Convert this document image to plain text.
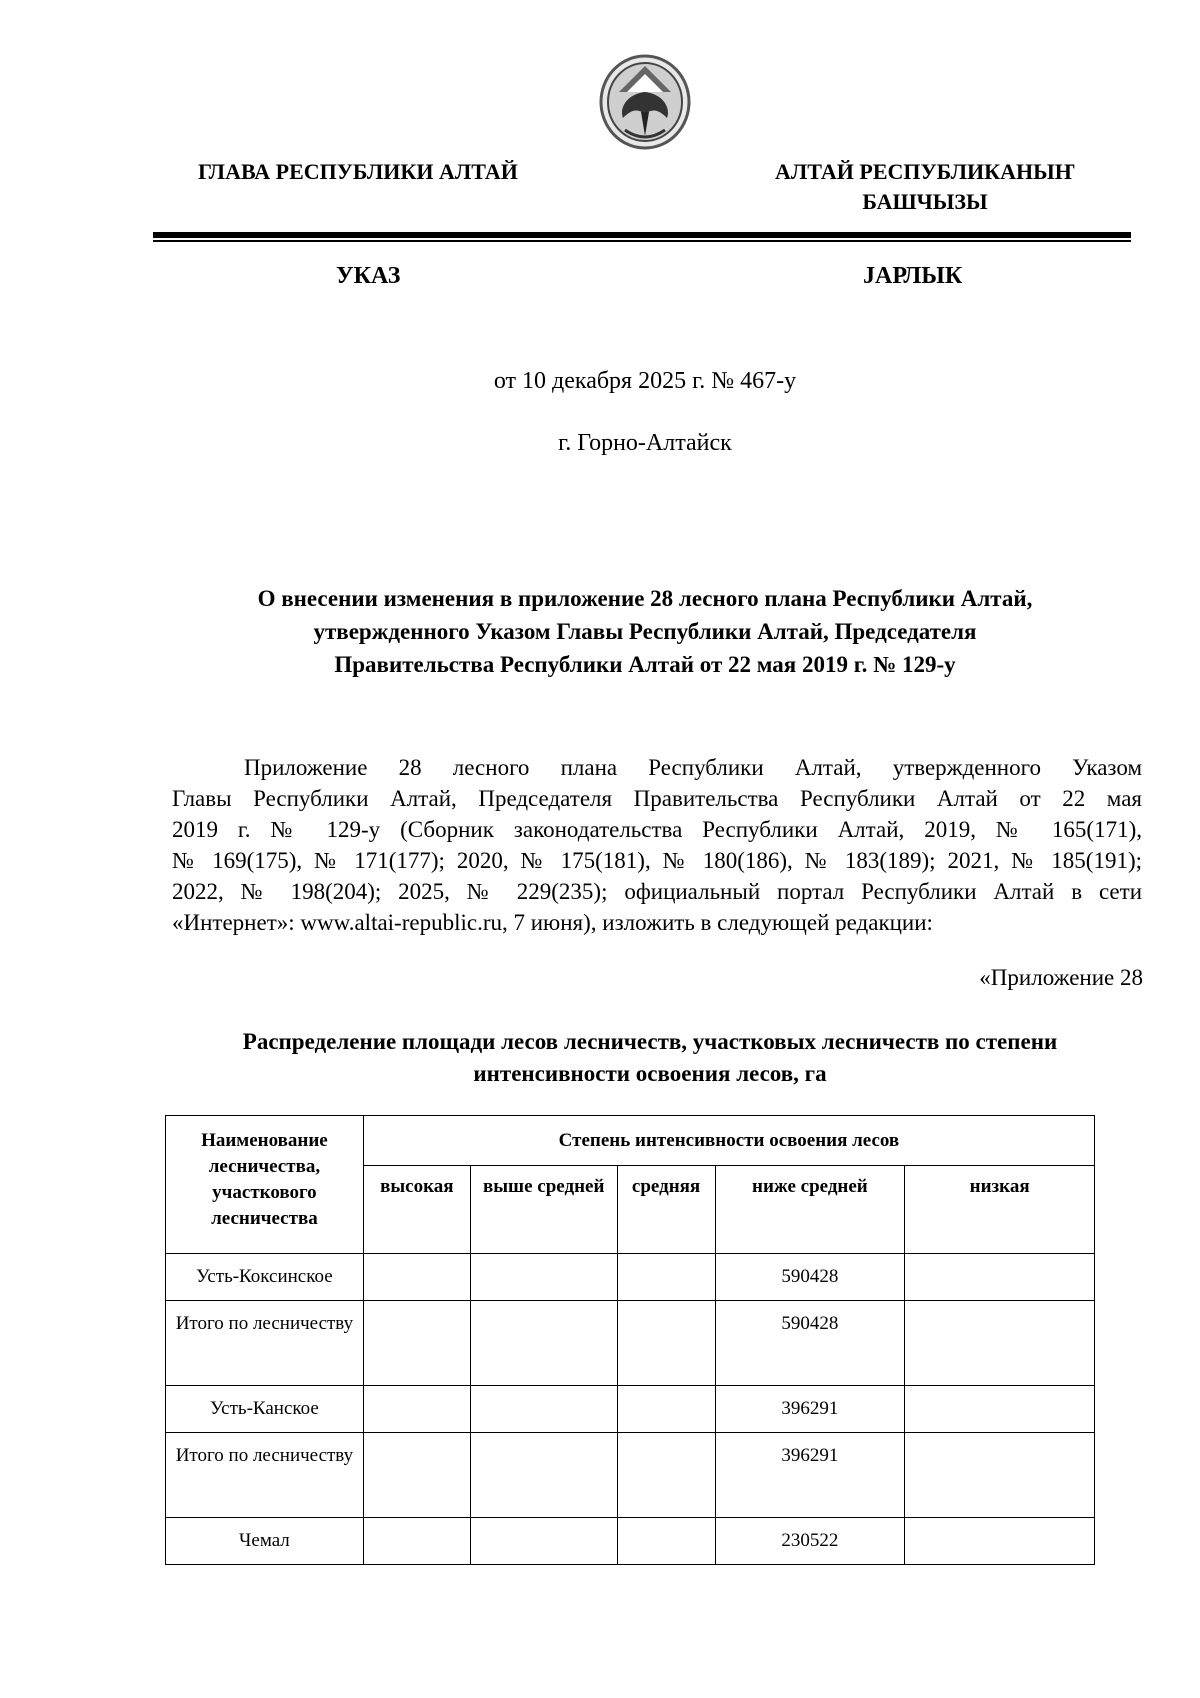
ГЛАВА РЕСПУБЛИКИ АЛТАЙ	АЛТАЙ РЕСПУБЛИКАНЫҤ
БАШЧЫЗЫ
УКАЗ	ЈАРЛЫК
от 10 декабря 2025 г. № 467-у
г. Горно-Алтайск
О внесении изменения в приложение 28 лесного плана Республики Алтай,
утвержденного Указом Главы Республики Алтай, Председателя
Правительства Республики Алтай от 22 мая 2019 г. № 129-у
Приложение 28 лесного плана Республики Алтай, утвержденного Указом
Главы Республики Алтай, Председателя Правительства Республики Алтай от 22 мая
2019 г. № 129-у (Сборник законодательства Республики Алтай, 2019, № 165(171),
№ 169(175), № 171(177); 2020, № 175(181), № 180(186), № 183(189); 2021, № 185(191);
2022, № 198(204); 2025, № 229(235); официальный портал Республики Алтай в сети
«Интернет»: www.altai-republic.ru, 7 июня), изложить в следующей редакции:
«Приложение 28
Распределение площади лесов лесничеств, участковых лесничеств по степени
интенсивности освоения лесов, га
Наименование лесничества, участкового лесничества	Степень интенсивности освоения лесов				
	высокая	выше средней	средняя	ниже средней	низкая
Усть-Коксинское				590428	
Итого по лесничеству				590428	
Усть-Канское				396291	
Итого по лесничеству				396291	
Чемал				230522	
